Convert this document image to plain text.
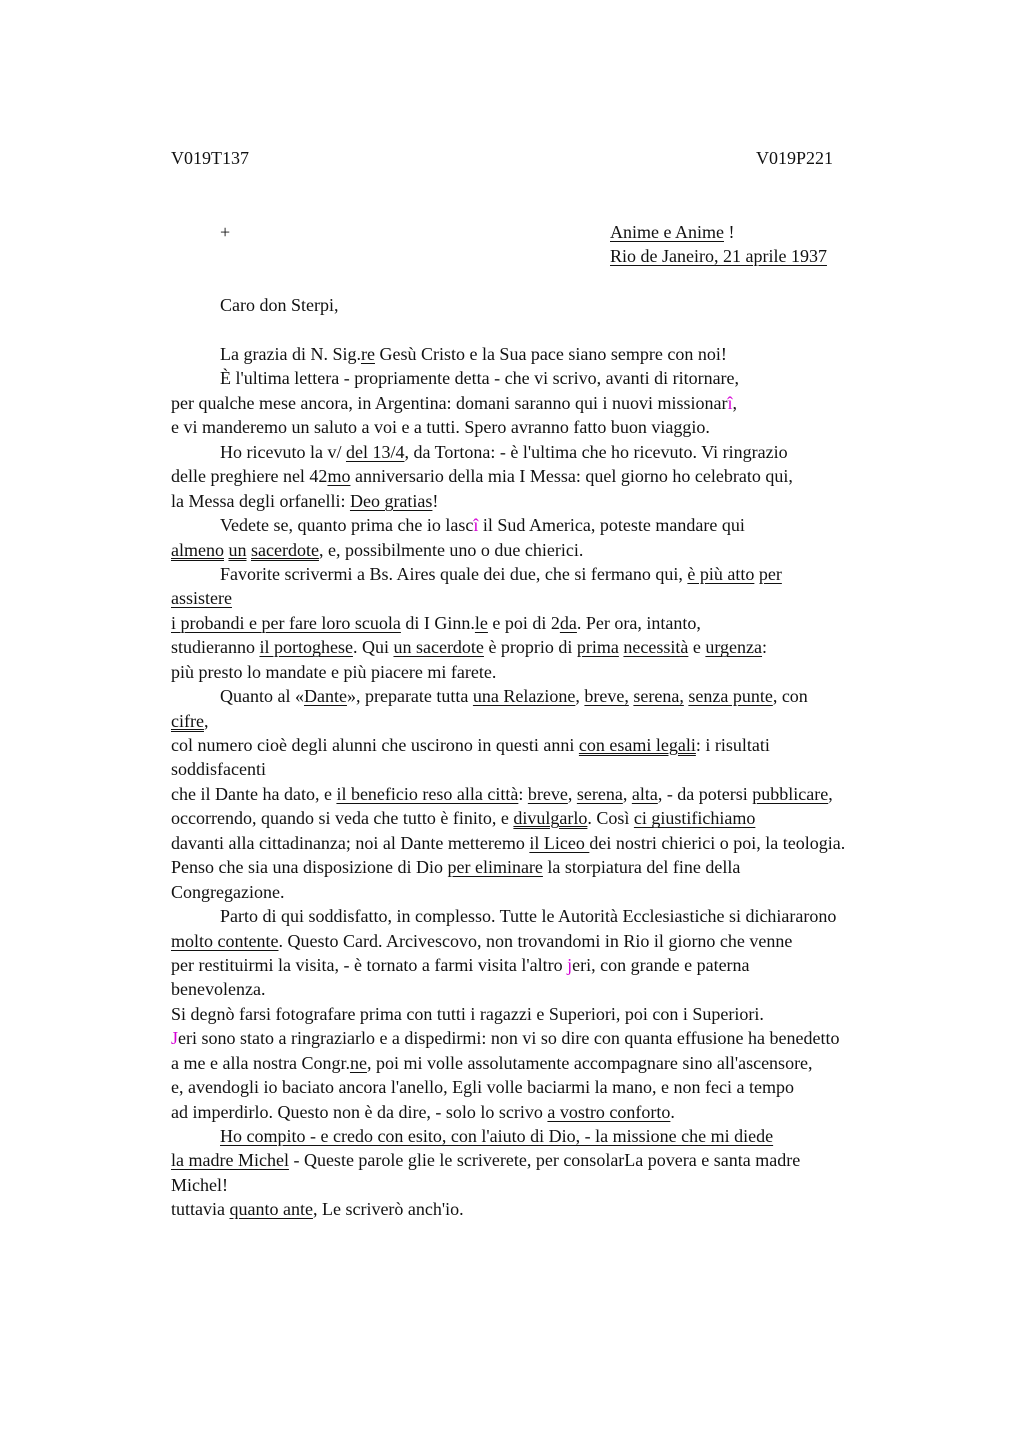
V019T137	V019P221
+	Anime e Anime !
Rio de Janeiro, 21 aprile 1937
Caro don Sterpi,
La grazia di N. Sig.re Gesù Cristo e la Sua pace siano sempre con noi!
È l'ultima lettera - propriamente detta - che vi scrivo, avanti di ritornare,
per qualche mese ancora, in Argentina: domani saranno qui i nuovi missionarî,
e vi manderemo un saluto a voi e a tutti. Spero avranno fatto buon viaggio.
Ho ricevuto la v/ del 13/4, da Tortona: - è l'ultima che ho ricevuto. Vi ringrazio
delle preghiere nel 42mo anniversario della mia I Messa: quel giorno ho celebrato qui,
la Messa degli orfanelli: Deo gratias!
Vedete se, quanto prima che io lascî il Sud America, poteste mandare qui
almeno un sacerdote, e, possibilmente uno o due chierici.
Favorite scrivermi a Bs. Aires quale dei due, che si fermano qui, è più atto per
assistere
i probandi e per fare loro scuola di I Ginn.le e poi di 2da. Per ora, intanto,
studieranno il portoghese. Qui un sacerdote è proprio di prima necessità e urgenza:
più presto lo mandate e più piacere mi farete.
Quanto al «Dante», preparate tutta una Relazione, breve, serena, senza punte, con
cifre,
col numero cioè degli alunni che uscirono in questi anni con esami legali: i risultati
soddisfacenti
che il Dante ha dato, e il beneficio reso alla città: breve, serena, alta, - da potersi pubblicare,
occorrendo, quando si veda che tutto è finito, e divulgarlo. Così ci giustifichiamo
davanti alla cittadinanza; noi al Dante metteremo il Liceo dei nostri chierici o poi, la teologia.
Penso che sia una disposizione di Dio per eliminare la storpiatura del fine della
Congregazione.
Parto di qui soddisfatto, in complesso. Tutte le Autorità Ecclesiastiche si dichiararono
molto contente. Questo Card. Arcivescovo, non trovandomi in Rio il giorno che venne
per restituirmi la visita, - è tornato a farmi visita l'altro jeri, con grande e paterna
benevolenza.
Si degnò farsi fotografare prima con tutti i ragazzi e Superiori, poi con i Superiori.
Jeri sono stato a ringraziarlo e a dispedirmi: non vi so dire con quanta effusione ha benedetto
a me e alla nostra Congr.ne, poi mi volle assolutamente accompagnare sino all'ascensore,
e, avendogli io baciato ancora l'anello, Egli volle baciarmi la mano, e non feci a tempo
ad imperdirlo. Questo non è da dire, - solo lo scrivo a vostro conforto.
Ho compito - e credo con esito, con l'aiuto di Dio, - la missione che mi diede
la madre Michel - Queste parole glie le scriverete, per consolarLa povera e santa madre
Michel!
tuttavia quanto ante, Le scriverò anch'io.
